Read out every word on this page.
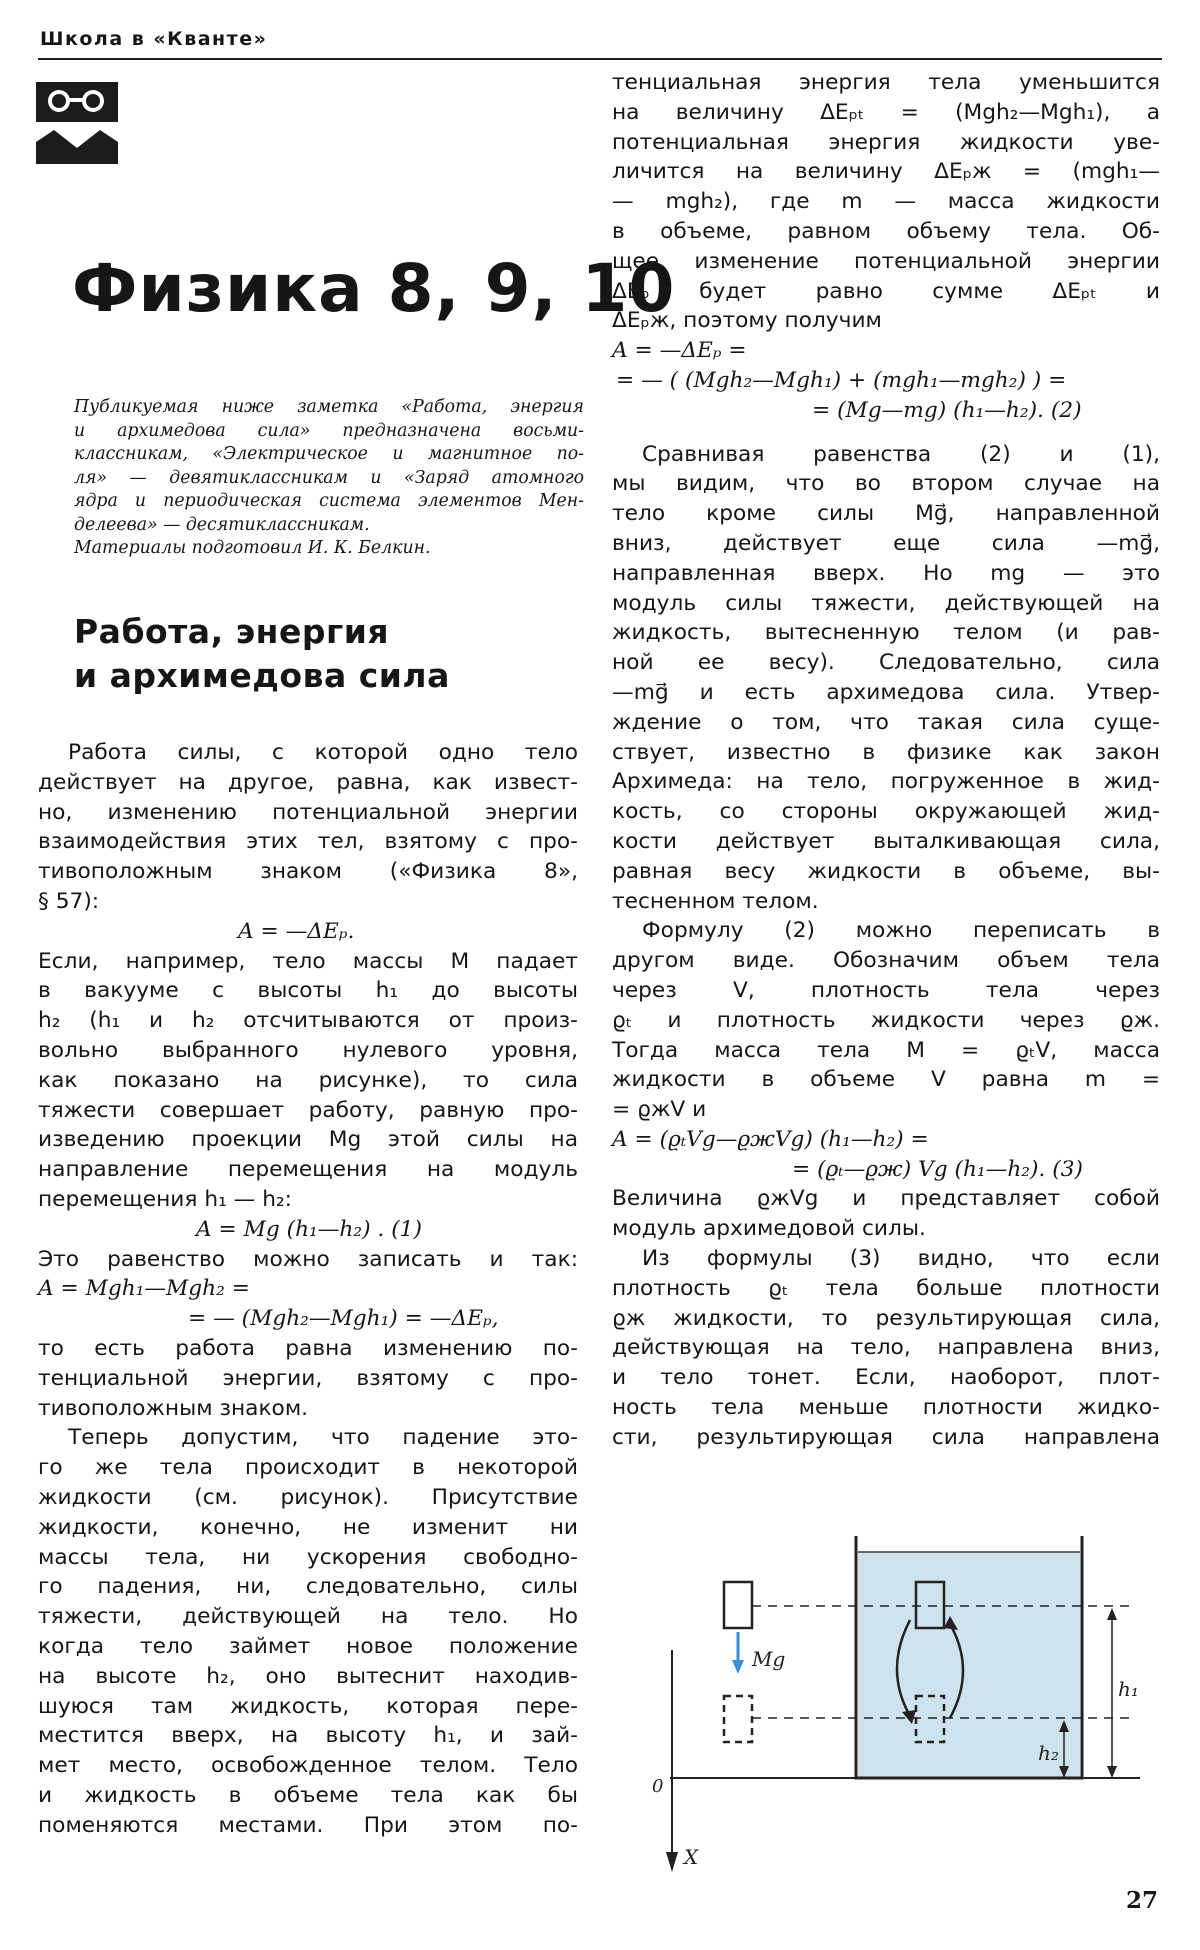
Школа в «Кванте»
Физика 8, 9, 10
Публикуемая ниже заметка «Работа, энергия
и архимедова сила» предназначена восьми-
классникам, «Электрическое и магнитное по-
ля» — девятиклассникам и «Заряд атомного
ядра и периодическая система элементов Мен-
делеева» — десятиклассникам.
Материалы подготовил И. К. Белкин.
Работа, энергия
и архимедова сила
Работа силы, с которой одно тело
действует на другое, равна, как извест-
но, изменению потенциальной энергии
взаимодействия этих тел, взятому с про-
тивоположным знаком («Физика 8»,
§ 57):
A = —ΔEₚ.
Если, например, тело массы M падает
в вакууме с высоты h₁ до высоты
h₂ (h₁ и h₂ отсчитываются от произ-
вольно выбранного нулевого уровня,
как показано на рисунке), то сила
тяжести совершает работу, равную про-
изведению проекции Mg этой силы на
направление перемещения на модуль
перемещения h₁ — h₂:
A = Mg (h₁—h₂) . (1)
Это равенство можно записать и так:
A = Mgh₁—Mgh₂ =
= — (Mgh₂—Mgh₁) = —ΔEₚ,
то есть работа равна изменению по-
тенциальной энергии, взятому с про-
тивоположным знаком.
Теперь допустим, что падение это-
го же тела происходит в некоторой
жидкости (см. рисунок). Присутствие
жидкости, конечно, не изменит ни
массы тела, ни ускорения свободно-
го падения, ни, следовательно, силы
тяжести, действующей на тело. Но
когда тело займет новое положение
на высоте h₂, оно вытеснит находив-
шуюся там жидкость, которая пере-
местится вверх, на высоту h₁, и зай-
мет место, освобожденное телом. Тело
и жидкость в объеме тела как бы
поменяются местами. При этом по-
тенциальная энергия тела уменьшится
на величину ΔEₚₜ = (Mgh₂—Mgh₁), а
потенциальная энергия жидкости уве-
личится на величину ΔEₚж = (mgh₁—
— mgh₂), где m — масса жидкости
в объеме, равном объему тела. Об-
щее изменение потенциальной энергии
ΔEₚ будет равно сумме ΔEₚₜ и
ΔEₚж, поэтому получим
A = —ΔEₚ =
= — ( (Mgh₂—Mgh₁) + (mgh₁—mgh₂) ) =
= (Mg—mg) (h₁—h₂). (2)
Сравнивая равенства (2) и (1),
мы видим, что во втором случае на
тело кроме силы Mg⃗, направленной
вниз, действует еще сила —mg⃗,
направленная вверх. Но mg — это
модуль силы тяжести, действующей на
жидкость, вытесненную телом (и рав-
ной ее весу). Следовательно, сила
—mg⃗ и есть архимедова сила. Утвер-
ждение о том, что такая сила суще-
ствует, известно в физике как закон
Архимеда: на тело, погруженное в жид-
кость, со стороны окружающей жид-
кости действует выталкивающая сила,
равная весу жидкости в объеме, вы-
тесненном телом.
Формулу (2) можно переписать в
другом виде. Обозначим объем тела
через V, плотность тела через
ϱₜ и плотность жидкости через ϱж.
Тогда масса тела M = ϱₜV, масса
жидкости в объеме V равна m =
= ϱжV и
A = (ϱₜVg—ϱжVg) (h₁—h₂) =
= (ϱₜ—ϱж) Vg (h₁—h₂). (3)
Величина ϱжVg и представляет собой
модуль архимедовой силы.
Из формулы (3) видно, что если
плотность ϱₜ тела больше плотности
ϱж жидкости, то результирующая сила,
действующая на тело, направлена вниз,
и тело тонет. Если, наоборот, плот-
ность тела меньше плотности жидко-
сти, результирующая сила направлена
Mg
h₁
h₂
0
X
27
